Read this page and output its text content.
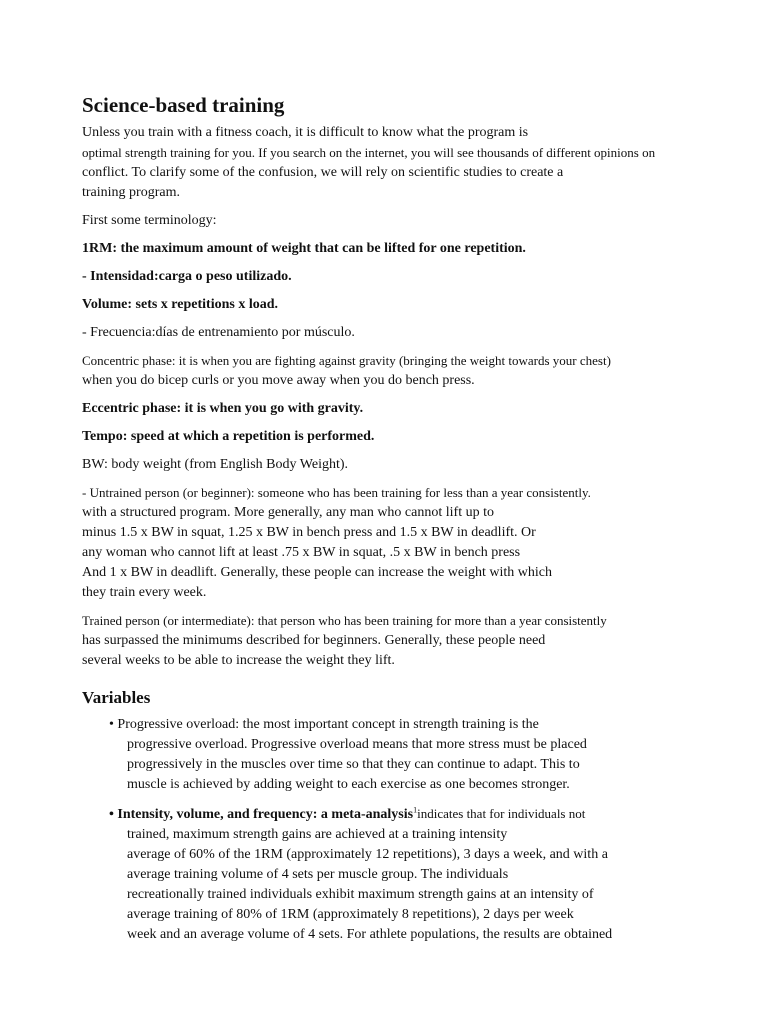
Science-based training
Unless you train with a fitness coach, it is difficult to know what the program is
optimal strength training for you. If you search on the internet, you will see thousands of different opinions on
conflict. To clarify some of the confusion, we will rely on scientific studies to create a
training program.
First some terminology:
1RM: the maximum amount of weight that can be lifted for one repetition.
- Intensidad:carga o peso utilizado.
Volume: sets x repetitions x load.
- Frecuencia:días de entrenamiento por músculo.
Concentric phase: it is when you are fighting against gravity (bringing the weight towards your chest)
when you do bicep curls or you move away when you do bench press.
Eccentric phase: it is when you go with gravity.
Tempo: speed at which a repetition is performed.
BW: body weight (from English Body Weight).
- Untrained person (or beginner): someone who has been training for less than a year consistently.
with a structured program. More generally, any man who cannot lift up to
minus 1.5 x BW in squat, 1.25 x BW in bench press and 1.5 x BW in deadlift. Or
any woman who cannot lift at least .75 x BW in squat, .5 x BW in bench press
And 1 x BW in deadlift. Generally, these people can increase the weight with which
they train every week.
Trained person (or intermediate): that person who has been training for more than a year consistently
has surpassed the minimums described for beginners. Generally, these people need
several weeks to be able to increase the weight they lift.
Variables
• Progressive overload: the most important concept in strength training is the
progressive overload. Progressive overload means that more stress must be placed
progressively in the muscles over time so that they can continue to adapt. This to
muscle is achieved by adding weight to each exercise as one becomes stronger.
• Intensity, volume, and frequency: a meta-analysis$^1$indicates that for individuals not
trained, maximum strength gains are achieved at a training intensity
average of 60% of the 1RM (approximately 12 repetitions), 3 days a week, and with a
average training volume of 4 sets per muscle group. The individuals
recreationally trained individuals exhibit maximum strength gains at an intensity of
average training of 80% of 1RM (approximately 8 repetitions), 2 days per week
week and an average volume of 4 sets. For athlete populations, the results are obtained
